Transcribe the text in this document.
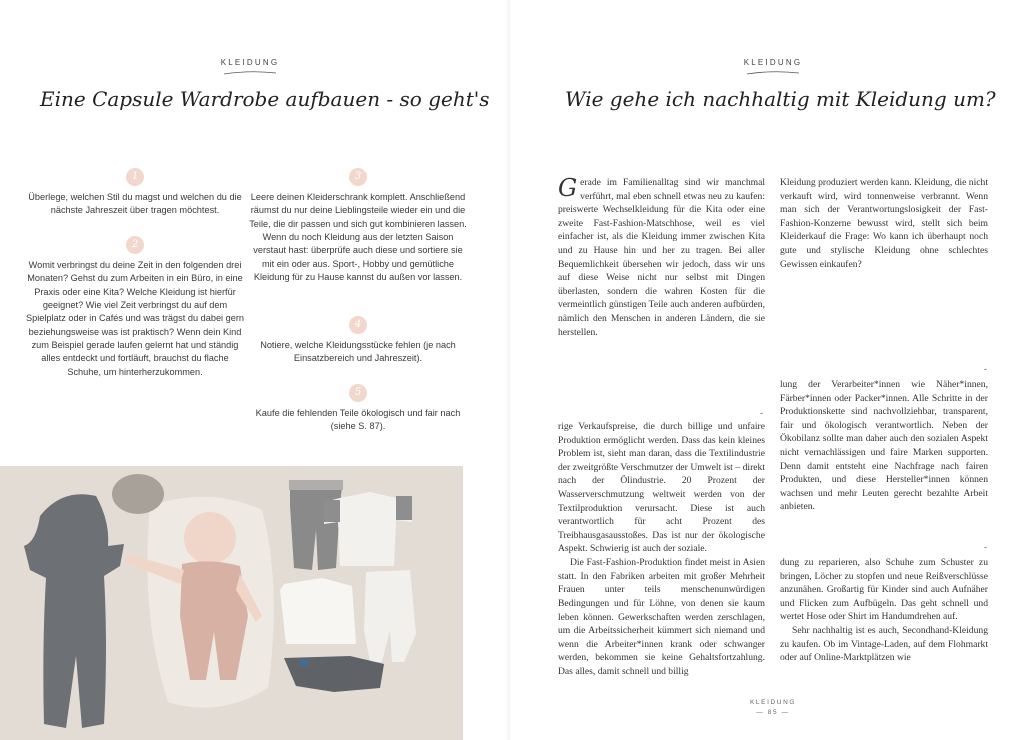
KLEIDUNG
Eine Capsule Wardrobe aufbauen - so geht's
1
Überlege, welchen Stil du magst und welchen du die nächste Jahreszeit über tragen möchtest.
2
Womit verbringst du deine Zeit in den folgenden drei Monaten? Gehst du zum Arbeiten in ein Büro, in eine Praxis oder eine Kita? Welche Kleidung ist hierfür geeignet? Wie viel Zeit verbringst du auf dem Spielplatz oder in Cafés und was trägst du dabei gern beziehungsweise was ist praktisch? Wenn dein Kind zum Beispiel gerade laufen gelernt hat und ständig alles entdeckt und fortläuft, brauchst du flache Schuhe, um hinterherzukommen.
3
Leere deinen Kleiderschrank komplett. Anschließend räumst du nur deine Lieblingsteile wieder ein und die Teile, die dir passen und sich gut kombinieren lassen. Wenn du noch Kleidung aus der letzten Saison verstaut hast: überprüfe auch diese und sortiere sie mit ein oder aus. Sport-, Hobby und gemütliche Kleidung für zu Hause kannst du außen vor lassen.
4
Notiere, welche Kleidungsstücke fehlen (je nach Einsatzbereich und Jahreszeit).
5
Kaufe die fehlenden Teile ökologisch und fair nach (siehe S. 87).
KLEIDUNG
Wie gehe ich nachhaltig mit Kleidung um?
Gerade im Familienalltag sind wir manchmal verführt, mal eben schnell etwas neu zu kaufen: preiswerte Wechselkleidung für die Kita oder eine zweite Fast-Fashion-Matschhose, weil es viel einfacher ist, als die Kleidung immer zwischen Kita und zu Hause hin und her zu tragen. Bei aller Bequemlichkeit übersehen wir jedoch, dass wir uns auf diese Weise nicht nur selbst mit Dingen überlasten, sondern die wahren Kosten für die vermeintlich günstigen Teile auch anderen aufbürden, nämlich den Menschen in anderen Ländern, die sie herstellen.
Kleidung produziert werden kann. Kleidung, die nicht verkauft wird, wird tonnenweise verbrannt. Wenn man sich der Verantwortungslosigkeit der Fast-Fashion-Konzerne bewusst wird, stellt sich beim Kleiderkauf die Frage: Wo kann ich überhaupt noch gute und stylische Kleidung ohne schlechtes Gewissen einkaufen?
-
lung der Verarbeiter*innen wie Näher*innen, Färber*innen oder Packer*innen. Alle Schritte in der Produktionskette sind nachvollziehbar, transparent, fair und ökologisch verantwortlich. Neben der Ökobilanz sollte man daher auch den sozialen Aspekt nicht vernachlässigen und faire Marken supporten. Denn damit entsteht eine Nachfrage nach fairen Produkten, und diese Hersteller*innen können wachsen und mehr Leuten gerecht bezahlte Arbeit anbieten.
-

rige Verkaufspreise, die durch billige und unfaire Produktion ermöglicht werden. Dass das kein kleines Problem ist, sieht man daran, dass die Textilindustrie der zweitgrößte Verschmutzer der Umwelt ist – direkt nach der Ölindustrie. 20 Prozent der Wasserverschmutzung weltweit werden von der Textilproduktion verursacht. Diese ist auch verantwortlich für acht Prozent des Treibhausgasausstoßes. Das ist nur der ökologische Aspekt. Schwierig ist auch der soziale.

Die Fast-Fashion-Produktion findet meist in Asien statt. In den Fabriken arbeiten mit großer Mehrheit Frauen unter teils menschenunwürdigen Bedingungen und für Löhne, von denen sie kaum leben können. Gewerkschaften werden zerschlagen, um die Arbeitssicherheit kümmert sich niemand und wenn die Arbeiter*innen krank oder schwanger werden, bekommen sie keine Gehaltsfortzahlung. Das alles, damit schnell und billig

-

dung zu reparieren, also Schuhe zum Schuster zu bringen, Löcher zu stopfen und neue Reißverschlüsse anzunähen. Großartig für Kinder sind auch Aufnäher und Flicken zum Aufbügeln. Das geht schnell und wertet Hose oder Shirt im Handumdrehen auf.

Sehr nachhaltig ist es auch, Secondhand-Kleidung zu kaufen. Ob im Vintage-Laden, auf dem Flohmarkt oder auf Online-Marktplätzen wie

KLEIDUNG
— 85 —
